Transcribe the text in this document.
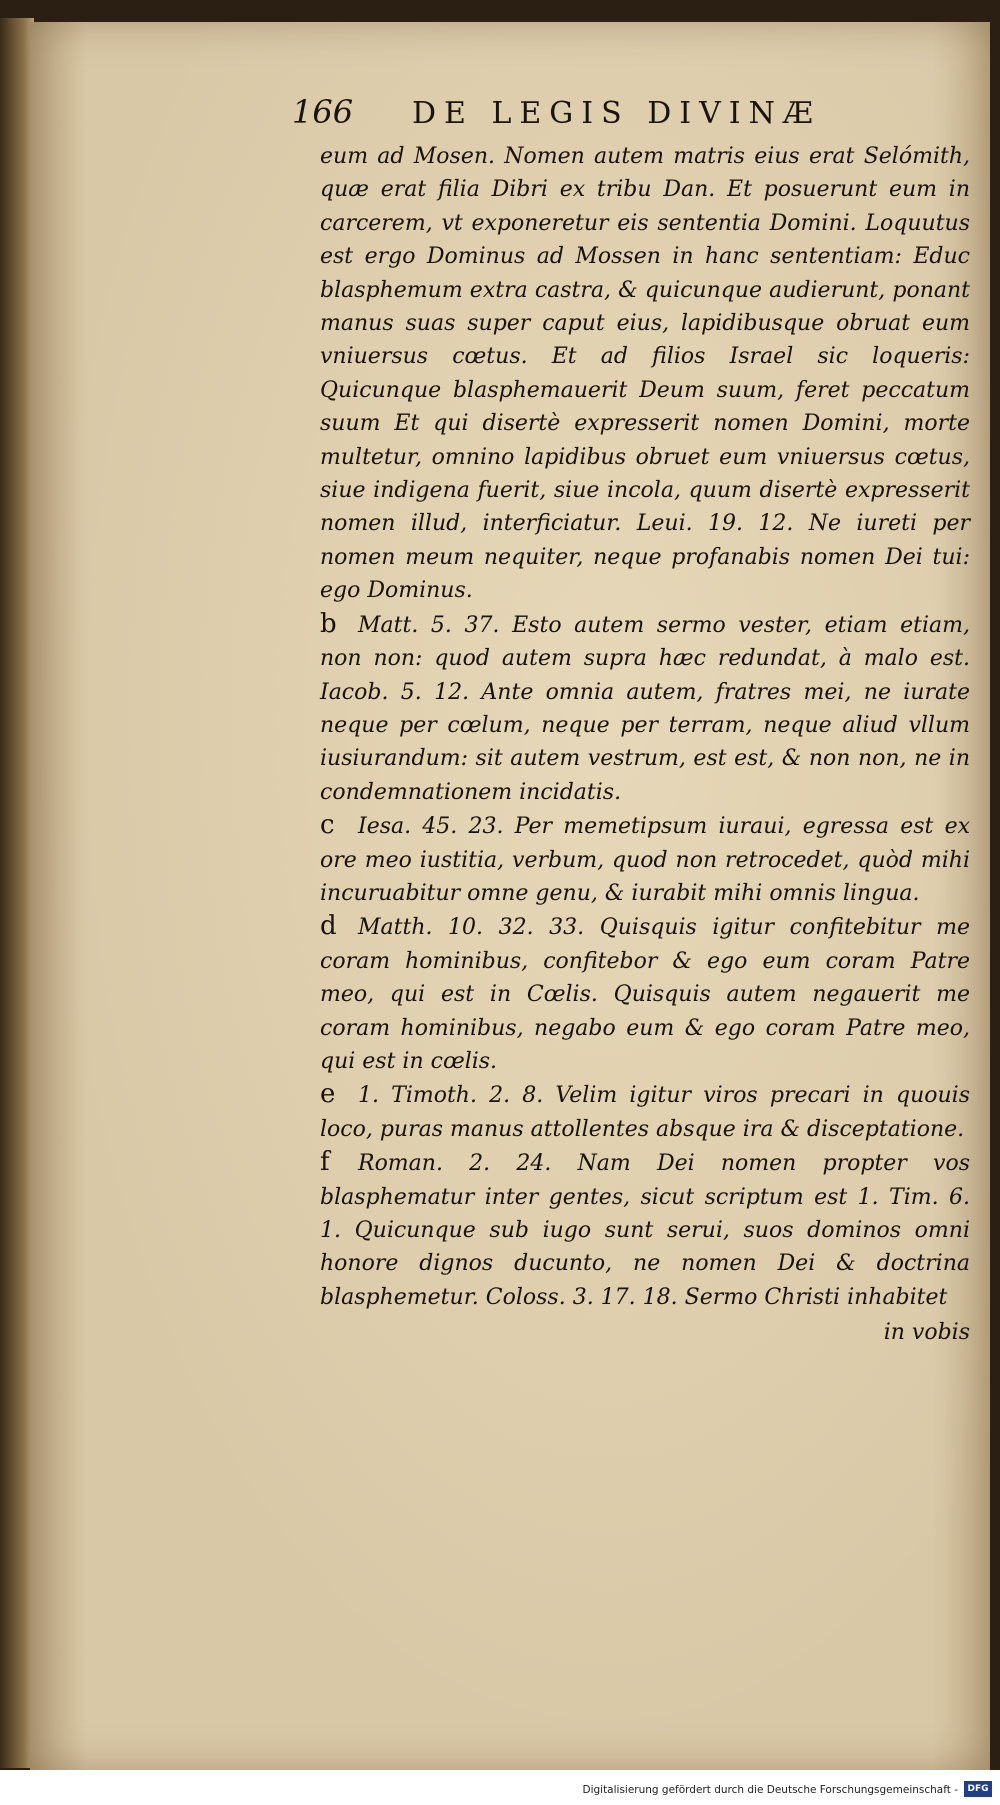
166	DE LEGIS DIVINÆ

eum ad Mosen. Nomen autem matris eius erat Selómith, quæ erat filia Dibri ex tribu Dan. Et posuerunt eum in carcerem, vt exponeretur eis sententia Domini. Loquutus est ergo Dominus ad Mossen in hanc sententiam: Educ blasphemum extra castra, & quicunque audierunt, ponant manus suas super caput eius, lapidibusque obruat eum vniuersus cœtus. Et ad filios Israel sic loqueris: Quicunque blasphemauerit Deum suum, feret peccatum suum Et qui disertè expresserit nomen Domini, morte multetur, omnino lapidibus obruet eum vniuersus cœtus, siue indigena fuerit, siue incola, quum disertè expresserit nomen illud, interficiatur. Leui. 19. 12. Ne iureti per nomen meum nequiter, neque profanabis nomen Dei tui: ego Dominus.

b Matt. 5. 37. Esto autem sermo vester, etiam etiam, non non: quod autem supra hæc redundat, à malo est. Iacob. 5. 12. Ante omnia autem, fratres mei, ne iurate neque per cœlum, neque per terram, neque aliud vllum iusiurandum: sit autem vestrum, est est, & non non, ne in condemnationem incidatis.

c Iesa. 45. 23. Per memetipsum iuraui, egressa est ex ore meo iustitia, verbum, quod non retrocedet, quòd mihi incuruabitur omne genu, & iurabit mihi omnis lingua.

d Matth. 10. 32. 33. Quisquis igitur confitebitur me coram hominibus, confitebor & ego eum coram Patre meo, qui est in Cœlis. Quisquis autem negauerit me coram hominibus, negabo eum & ego coram Patre meo, qui est in cœlis.

e 1. Timoth. 2. 8. Velim igitur viros precari in quouis loco, puras manus attollentes absque ira & disceptatione.

f Roman. 2. 24. Nam Dei nomen propter vos blasphematur inter gentes, sicut scriptum est 1. Tim. 6. 1. Quicunque sub iugo sunt serui, suos dominos omni honore dignos ducunto, ne nomen Dei & doctrina blasphemetur. Coloss. 3. 17. 18. Sermo Christi inhabitet

in vobis
Digitalisierung gefördert durch die Deutsche Forschungsgemeinschaft -	DFG
